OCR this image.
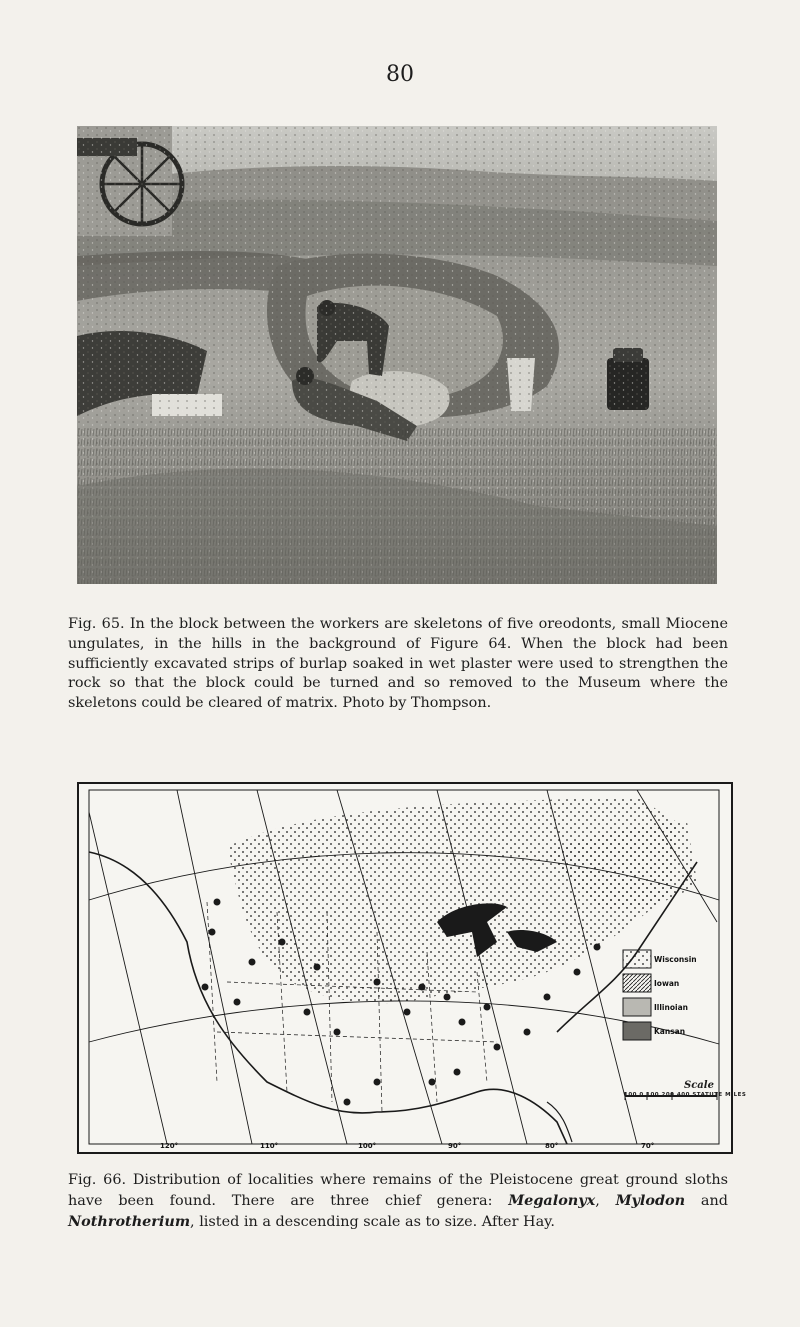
80

Fig. 65. In the block between the workers are skeletons of five oreodonts, small Miocene ungulates, in the hills in the background of Figure 64. When the block had been sufficiently excavated strips of burlap soaked in wet plaster were used to strengthen the rock so that the block could be turned and so removed to the Museum where the skeletons could be cleared of matrix. Photo by Thompson.

Wisconsin
Iowan
Illinoian
Kansan
Scale
100 0 100 200 400 STATUTE MILES
120°	110°	100°	90°	80°	70°

Fig. 66. Distribution of localities where remains of the Pleistocene great ground sloths have been found. There are three chief genera: Megalonyx, Mylodon and Nothrotherium, listed in a descending scale as to size. After Hay.
